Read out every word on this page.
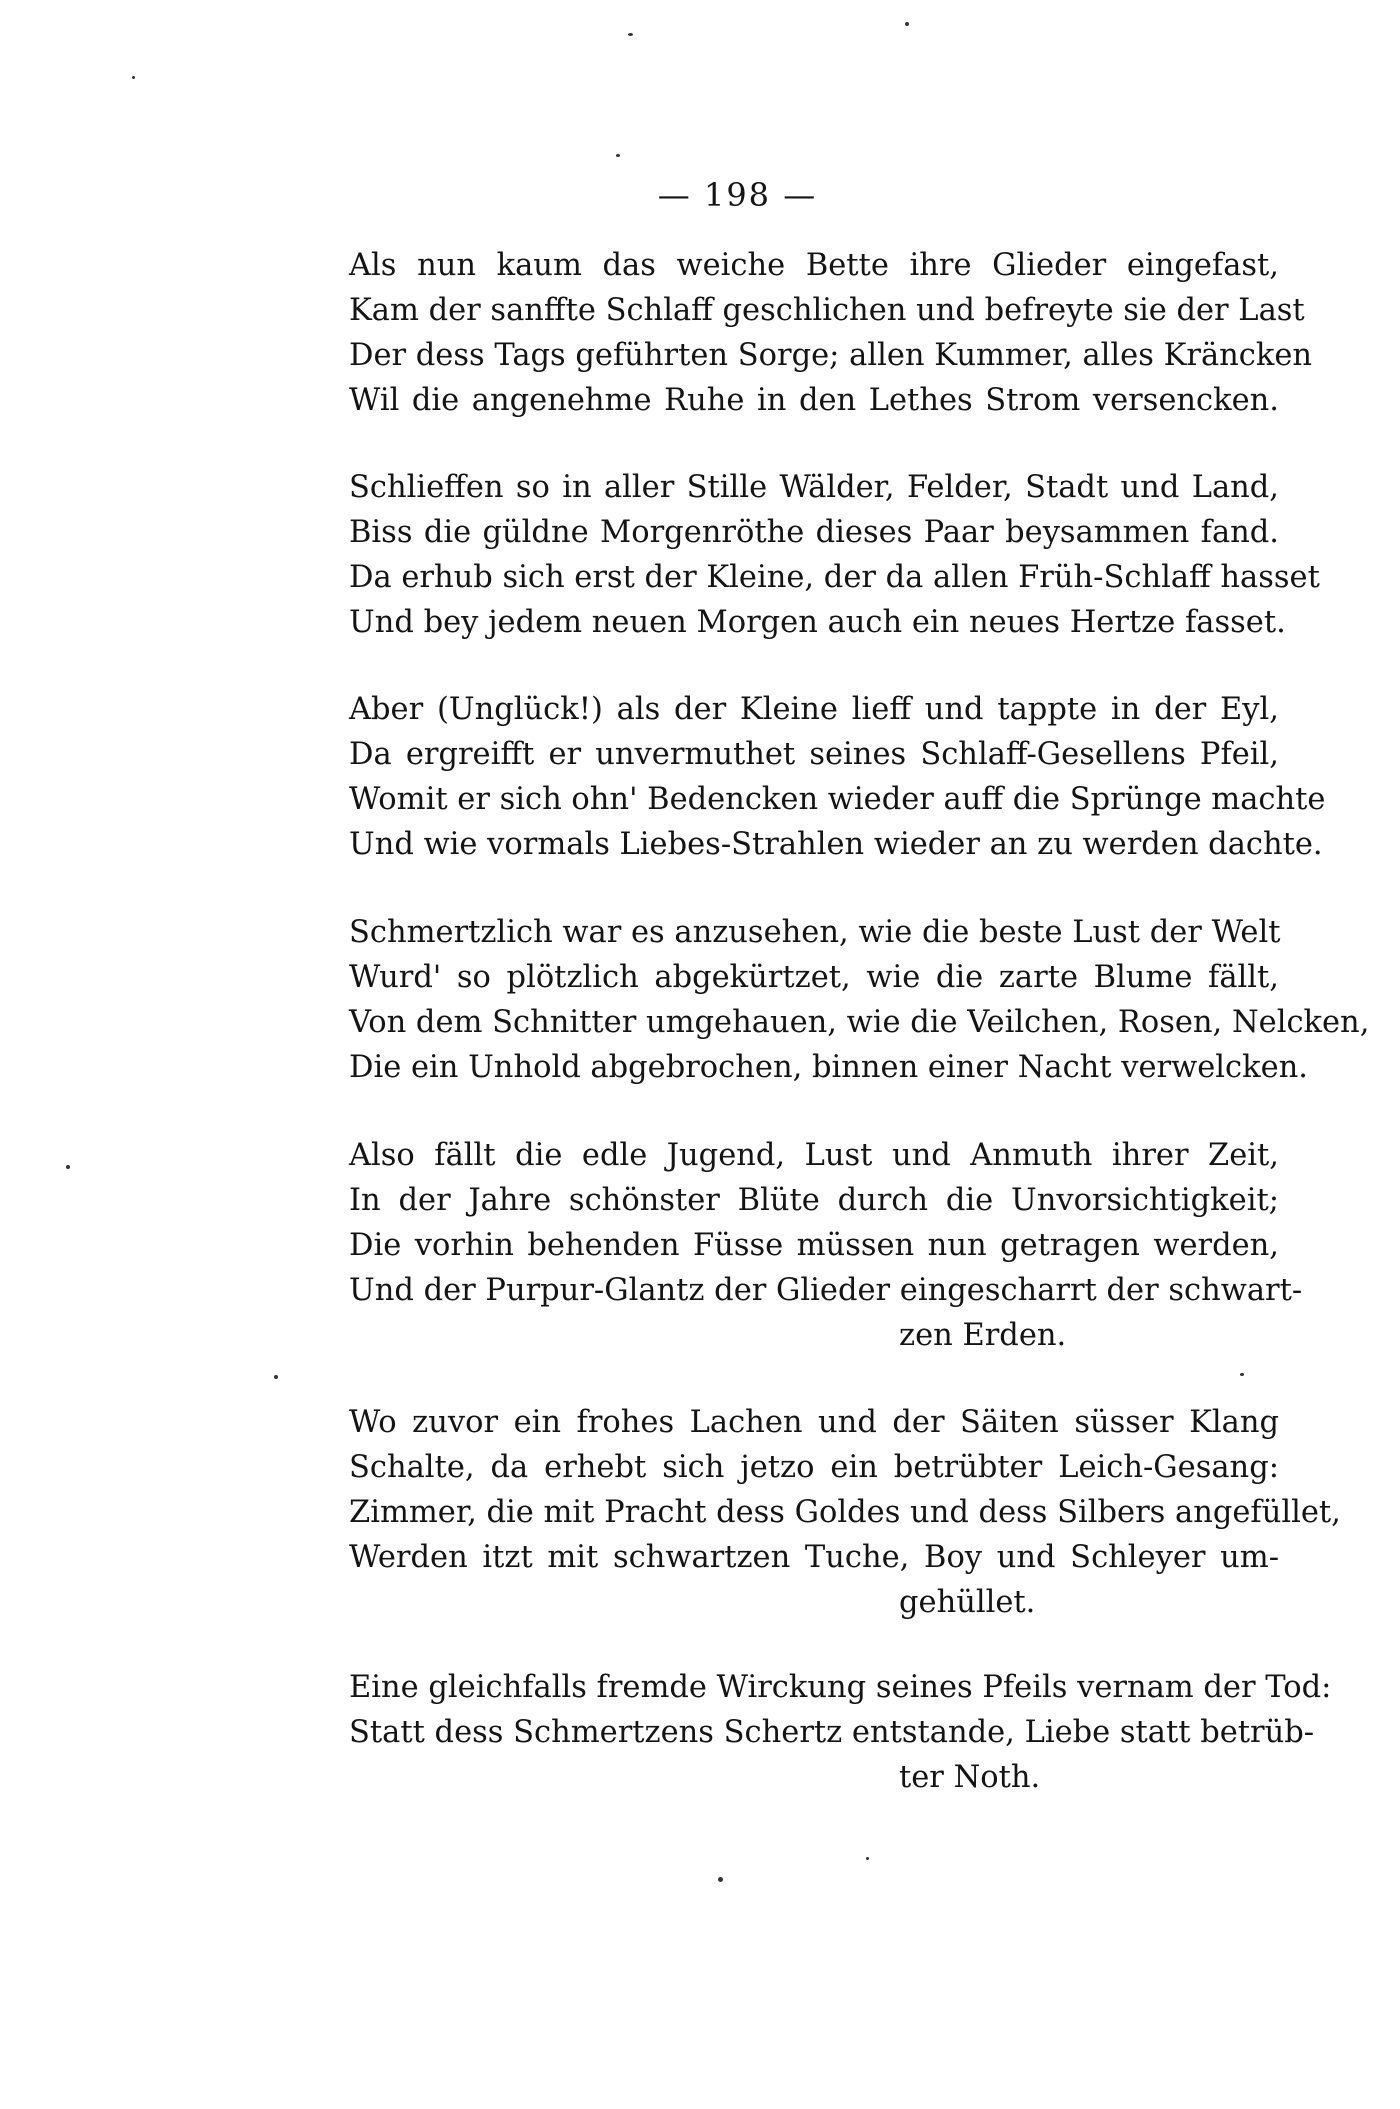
— 198 —
Als nun kaum das weiche Bette ihre Glieder eingefast,
Kam der sanffte Schlaff geschlichen und befreyte sie der Last
Der dess Tags geführten Sorge; allen Kummer, alles Kräncken
Wil die angenehme Ruhe in den Lethes Strom versencken.
Schlieffen so in aller Stille Wälder, Felder, Stadt und Land,
Biss die güldne Morgenröthe dieses Paar beysammen fand.
Da erhub sich erst der Kleine, der da allen Früh-Schlaff hasset
Und bey jedem neuen Morgen auch ein neues Hertze fasset.
Aber (Unglück!) als der Kleine lieff und tappte in der Eyl,
Da ergreifft er unvermuthet seines Schlaff-Gesellens Pfeil,
Womit er sich ohn' Bedencken wieder auff die Sprünge machte
Und wie vormals Liebes-Strahlen wieder an zu werden dachte.
Schmertzlich war es anzusehen, wie die beste Lust der Welt
Wurd' so plötzlich abgekürtzet, wie die zarte Blume fällt,
Von dem Schnitter umgehauen, wie die Veilchen, Rosen, Nelcken,
Die ein Unhold abgebrochen, binnen einer Nacht verwelcken.
Also fällt die edle Jugend, Lust und Anmuth ihrer Zeit,
In der Jahre schönster Blüte durch die Unvorsichtigkeit;
Die vorhin behenden Füsse müssen nun getragen werden,
Und der Purpur-Glantz der Glieder eingescharrt der schwart-
zen Erden.
Wo zuvor ein frohes Lachen und der Säiten süsser Klang
Schalte, da erhebt sich jetzo ein betrübter Leich-Gesang:
Zimmer, die mit Pracht dess Goldes und dess Silbers angefüllet,
Werden itzt mit schwartzen Tuche, Boy und Schleyer um-
gehüllet.
Eine gleichfalls fremde Wirckung seines Pfeils vernam der Tod:
Statt dess Schmertzens Schertz entstande, Liebe statt betrüb-
ter Noth.
